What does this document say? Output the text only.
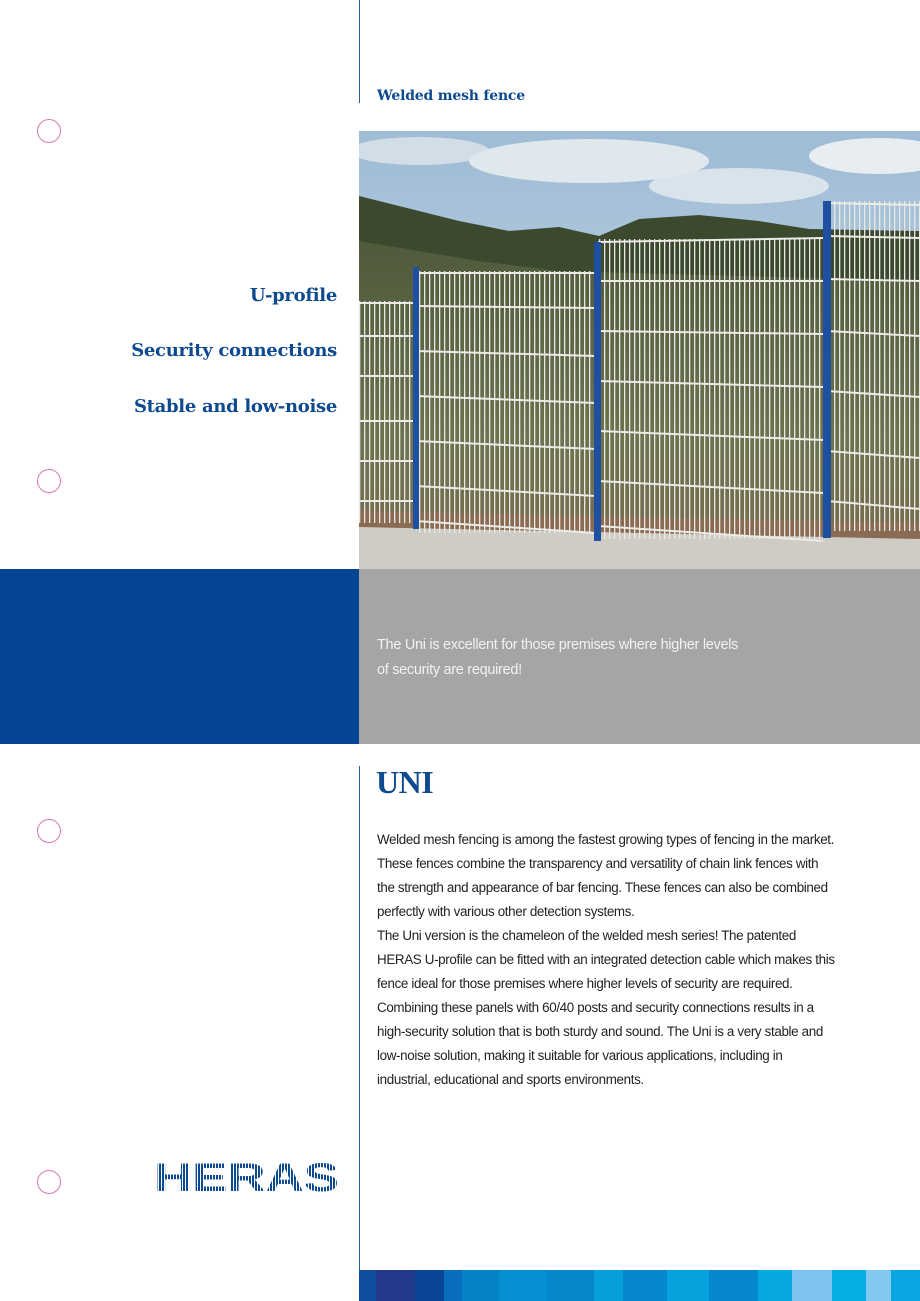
Welded mesh fence
U-profile
Security connections
Stable and low-noise
The Uni is excellent for those premises where higher levels
of security are required!
UNI

Welded mesh fencing is among the fastest growing types of fencing in the market.

These fences combine the transparency and versatility of chain link fences with the strength and appearance of bar fencing. These fences can also be combined perfectly with various other detection systems.

The Uni version is the chameleon of the welded mesh series! The patented HERAS U-profile can be fitted with an integrated detection cable which makes this fence ideal for those premises where higher levels of security are required.

Combining these panels with 60/40 posts and security connections results in a high-security solution that is both sturdy and sound. The Uni is a very stable and low-noise solution, making it suitable for various applications, including in industrial, educational and sports environments.
